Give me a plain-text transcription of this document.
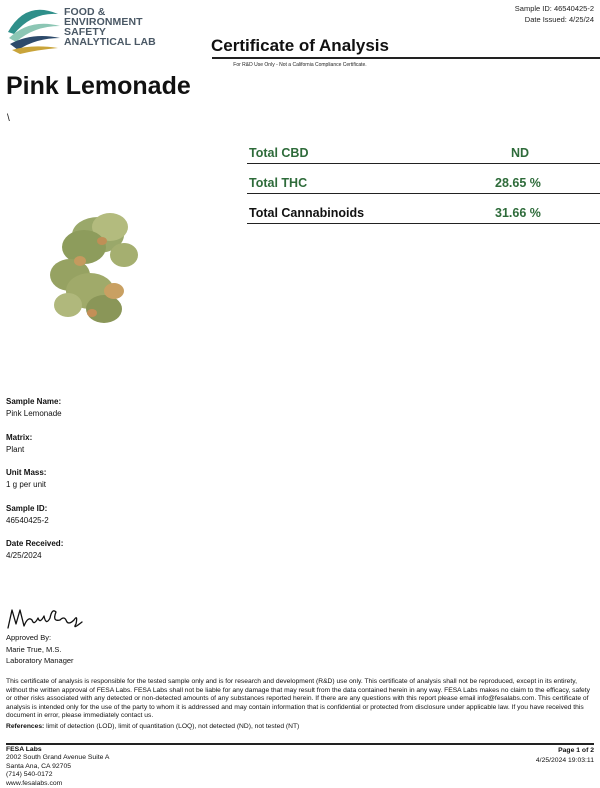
FOOD &
ENVIRONMENT
SAFETY
ANALYTICAL LAB
Sample ID: 46540425-2
Date Issued: 4/25/24
Certificate of Analysis
For R&D Use Only - Not a California Compliance Certificate.
Pink Lemonade
\
Total CBD	ND
Total THC	28.65 %
Total Cannabinoids	31.66 %
Sample Name:
Pink Lemonade
Matrix:
Plant
Unit Mass:
1 g per unit
Sample ID:
46540425-2
Date Received:
4/25/2024
Approved By:
Marie True, M.S.
Laboratory Manager
This certificate of analysis is responsible for the tested sample only and is for research and development (R&D) use only. This certificate of analysis shall not be reproduced, except in its entirety, without the written approval of FESA Labs. FESA Labs shall not be liable for any damage that may result from the data contained herein in any way. FESA Labs makes no claim to the efficacy, safety or other risks associated with any detected or non-detected amounts of any substances reported herein. If there are any questions with this report please email info@fesalabs.com. This certificate of analysis is intended only for the use of the party to whom it is addressed and may contain information that is confidential or protected from disclosure under applicable law. If you have received this document in error, please immediately contact us.
References: limit of detection (LOD), limit of quantitation (LOQ), not detected (ND), not tested (NT)
FESA Labs
2002 South Grand Avenue Suite A
Santa Ana, CA 92705
(714) 540-0172
www.fesalabs.com
Page 1 of 2
4/25/2024 19:03:11
